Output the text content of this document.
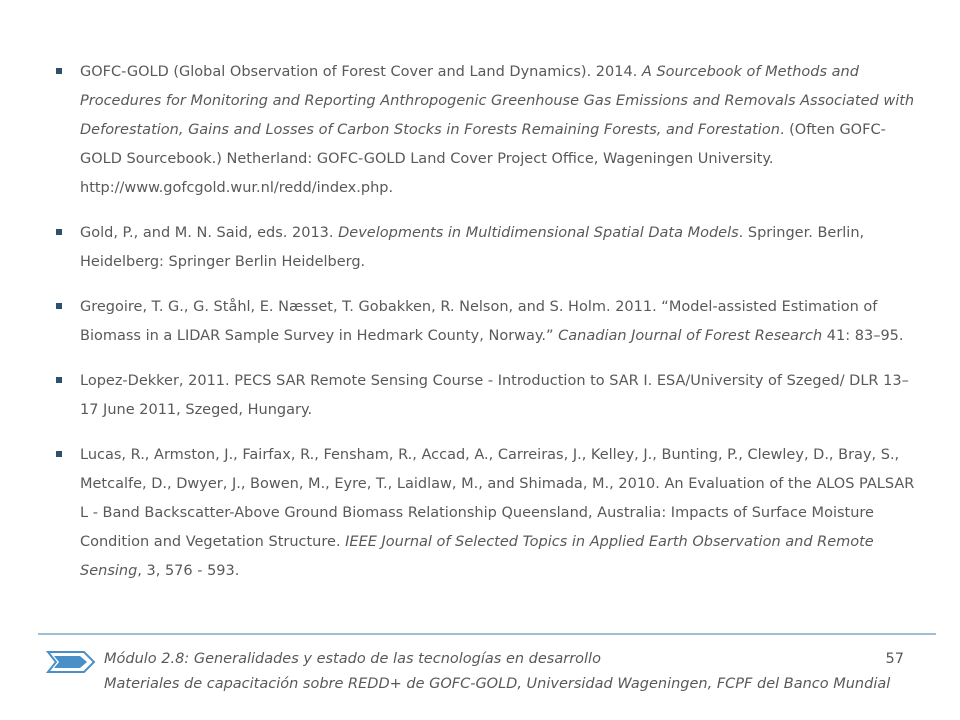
GOFC-GOLD (Global Observation of Forest Cover and Land Dynamics). 2014. A Sourcebook of Methods and Procedures for Monitoring and Reporting Anthropogenic Greenhouse Gas Emissions and Removals Associated with Deforestation, Gains and Losses of Carbon Stocks in Forests Remaining Forests, and Forestation. (Often GOFC-GOLD Sourcebook.) Netherland: GOFC-GOLD Land Cover Project Office, Wageningen University. http://www.gofcgold.wur.nl/redd/index.php.
Gold, P., and M. N. Said, eds. 2013. Developments in Multidimensional Spatial Data Models. Springer. Berlin, Heidelberg: Springer Berlin Heidelberg.
Gregoire, T. G., G. Ståhl, E. Næsset, T. Gobakken, R. Nelson, and S. Holm. 2011. “Model-assisted Estimation of Biomass in a LIDAR Sample Survey in Hedmark County, Norway.” Canadian Journal of Forest Research 41: 83–95.
Lopez-Dekker, 2011. PECS SAR Remote Sensing Course - Introduction to SAR I. ESA/University of Szeged/ DLR 13–17 June 2011, Szeged, Hungary.
Lucas, R., Armston, J., Fairfax, R., Fensham, R., Accad, A., Carreiras, J., Kelley, J., Bunting, P., Clewley, D., Bray, S., Metcalfe, D., Dwyer, J., Bowen, M., Eyre, T., Laidlaw, M., and Shimada, M., 2010. An Evaluation of the ALOS PALSAR L - Band Backscatter-Above Ground Biomass Relationship Queensland, Australia: Impacts of Surface Moisture Condition and Vegetation Structure. IEEE Journal of Selected Topics in Applied Earth Observation and Remote Sensing, 3, 576 - 593.
Módulo 2.8: Generalidades y estado de las tecnologías en desarrollo	57
Materiales de capacitación sobre REDD+ de GOFC-GOLD, Universidad Wageningen, FCPF del Banco Mundial
